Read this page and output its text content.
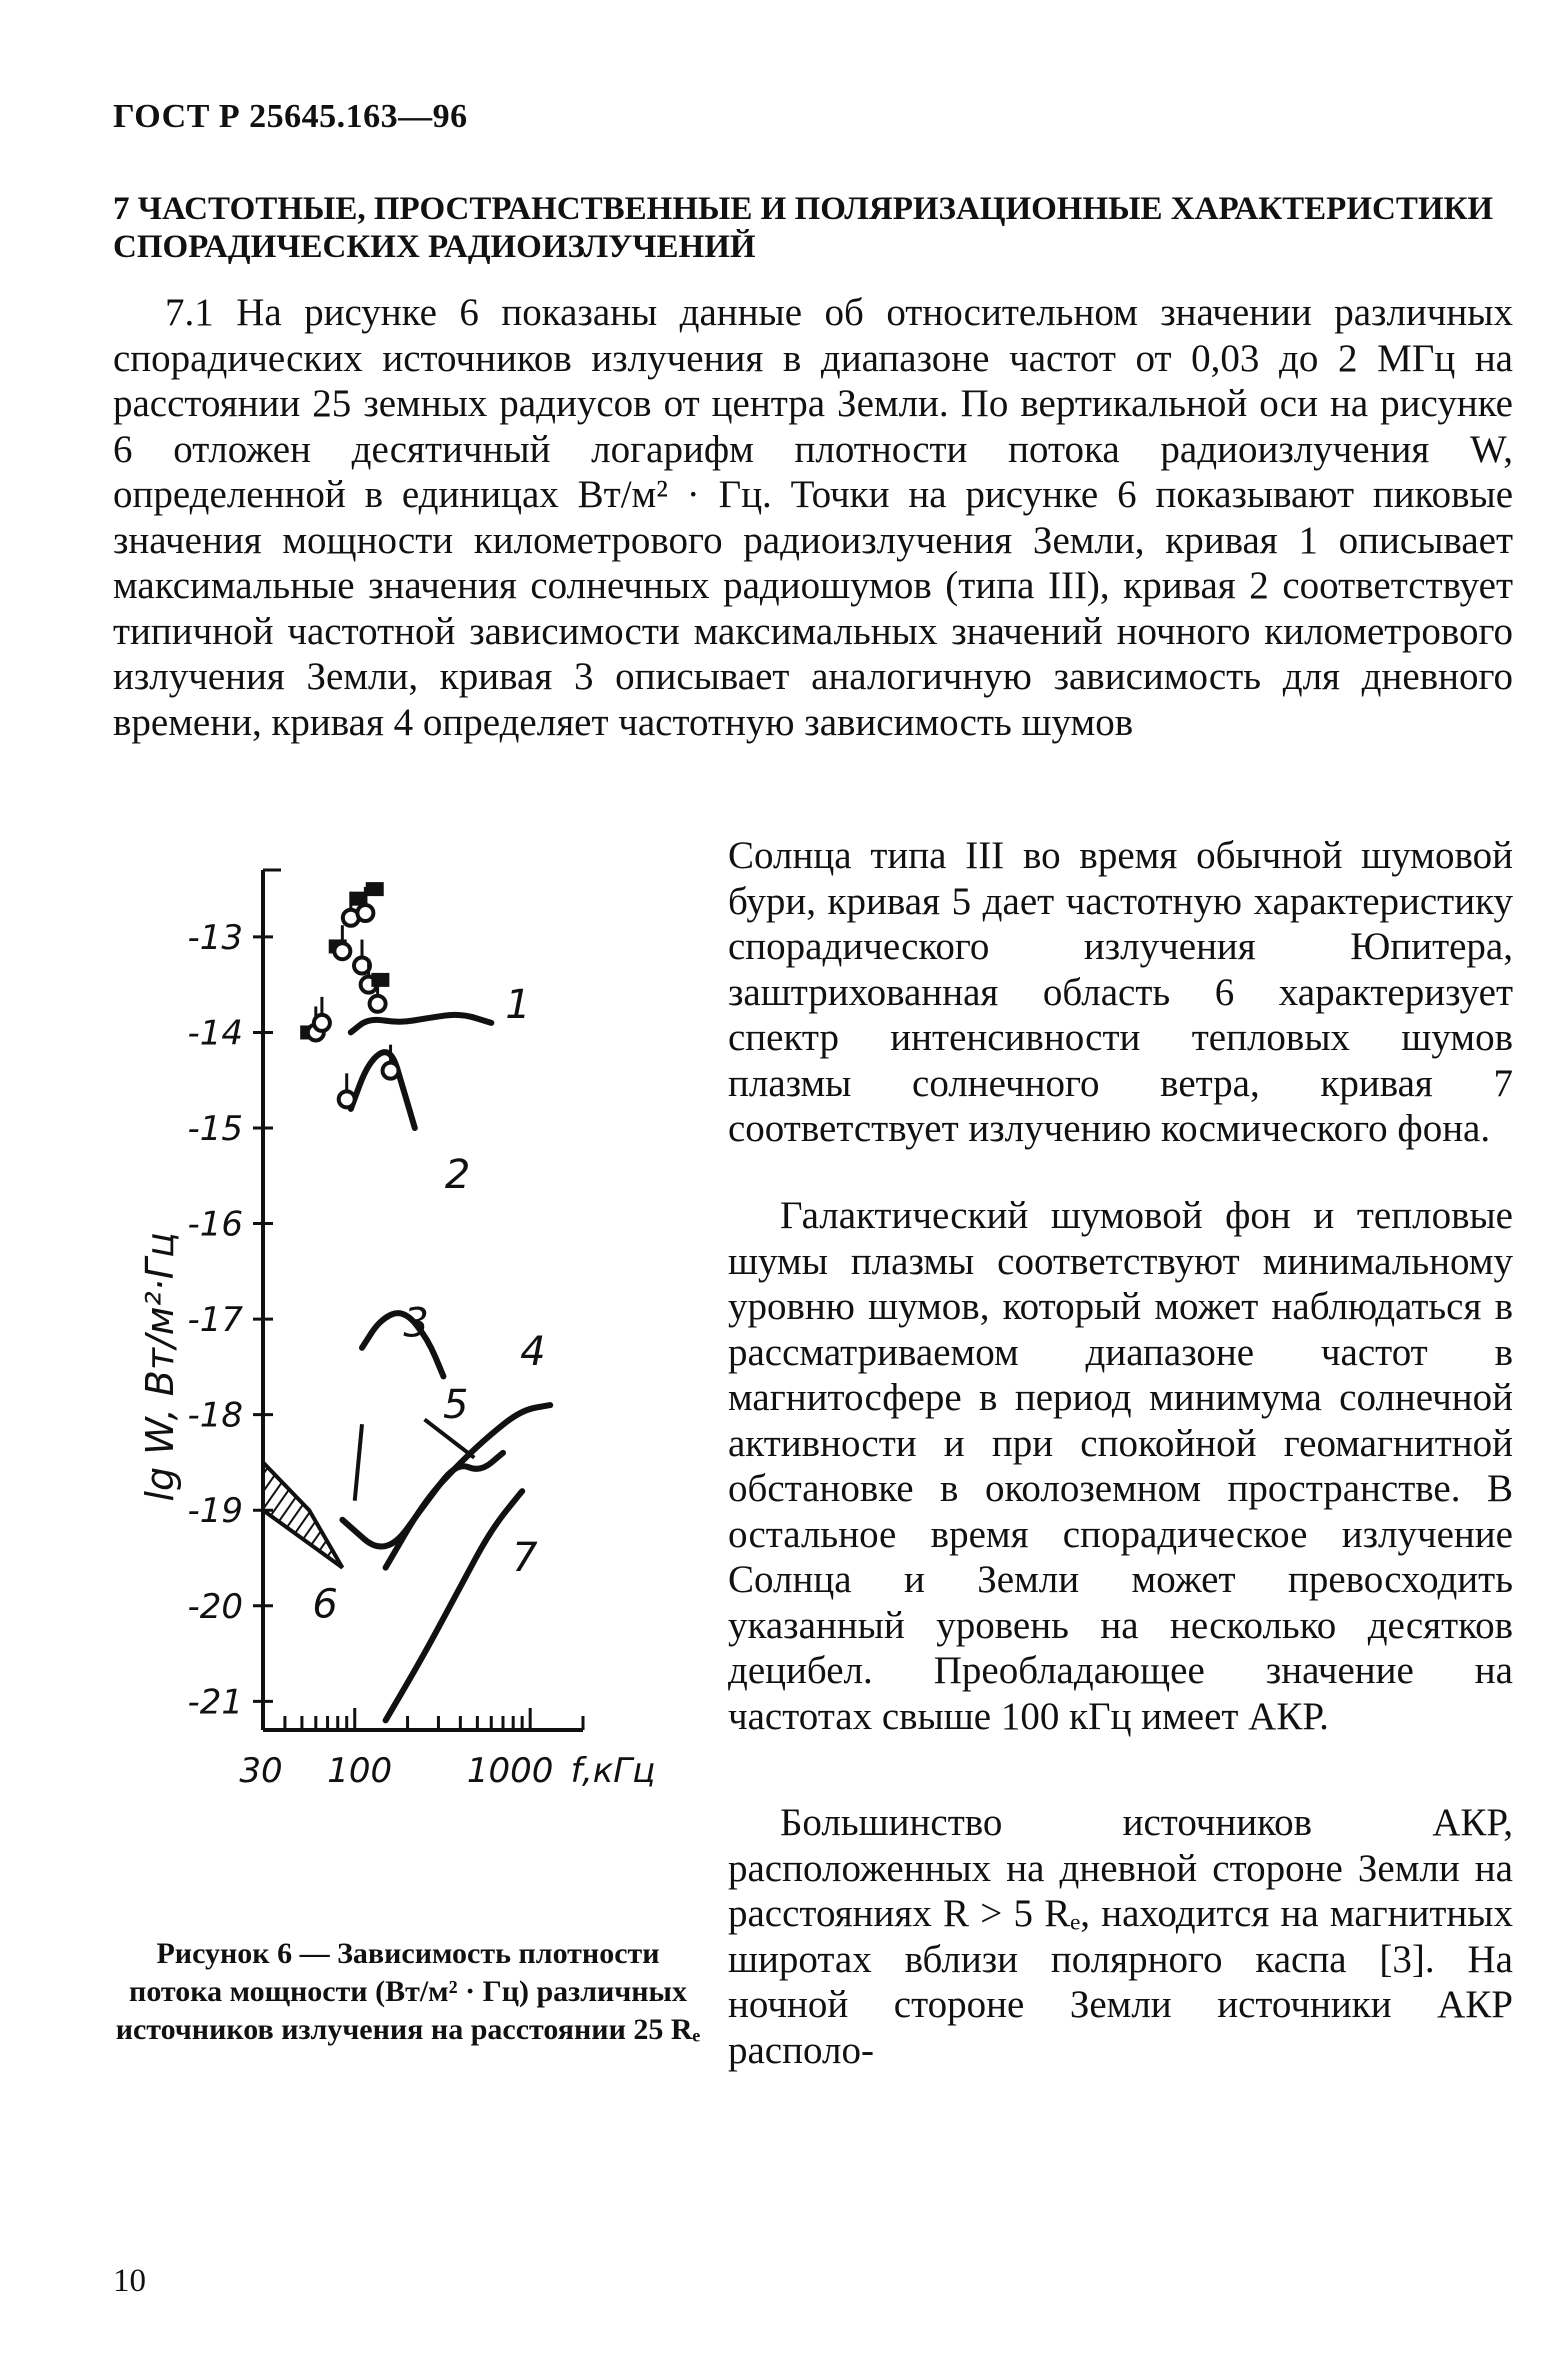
ГОСТ Р 25645.163—96
7 ЧАСТОТНЫЕ, ПРОСТРАНСТВЕННЫЕ И ПОЛЯРИЗАЦИОННЫЕ ХАРАКТЕРИСТИКИ СПОРАДИЧЕСКИХ РАДИОИЗЛУЧЕНИЙ
7.1 На рисунке 6 показаны данные об относительном значении различных спорадических источников излучения в диапазоне частот от 0,03 до 2 МГц на расстоянии 25 земных радиусов от центра Земли. По вертикальной оси на рисунке 6 отложен десятичный логарифм плотности потока радиоизлучения W, определенной в единицах Вт/м² · Гц. Точки на рисунке 6 показывают пиковые значения мощности километрового радиоизлучения Земли, кривая 1 описывает максимальные значения солнечных радиошумов (типа III), кривая 2 соответствует типичной частотной зависимости максимальных значений ночного километрового излучения Земли, кривая 3 описывает аналогичную зависимость для дневного времени, кривая 4 определяет частотную зависимость шумов
Солнца типа III во время обычной шумовой бури, кривая 5 дает частотную характеристику спорадического излучения Юпитера, заштрихованная область 6 характеризует спектр интенсивности тепловых шумов плазмы солнечного ветра, кривая 7 соответствует излучению космического фона.
Галактический шумовой фон и тепловые шумы плазмы соответствуют минимальному уровню шумов, который может наблюдаться в рассматриваемом диапазоне частот в магнитосфере в период минимума солнечной активности и при спокойной геомагнитной обстановке в околоземном пространстве. В остальное время спорадическое излучение Солнца и Земли может превосходить указанный уровень на несколько десятков децибел. Преобладающее значение на частотах свыше 100 кГц имеет АКР.
Большинство источников АКР, расположенных на дневной стороне Земли на расстояниях R > 5 Rₑ, находится на магнитных широтах вблизи полярного каспа [3]. На ночной стороне Земли источники АКР располо-
-13
-14
-15
-16
-17
-18
-19
-20
-21
30 100 1000 f,кГц
lg W, Вт/м²·Гц
1
2
3
4
5
7
6
Рисунок 6 — Зависимость плотности потока мощности (Вт/м² · Гц) различных источников излучения на расстоянии 25 Rₑ
10
